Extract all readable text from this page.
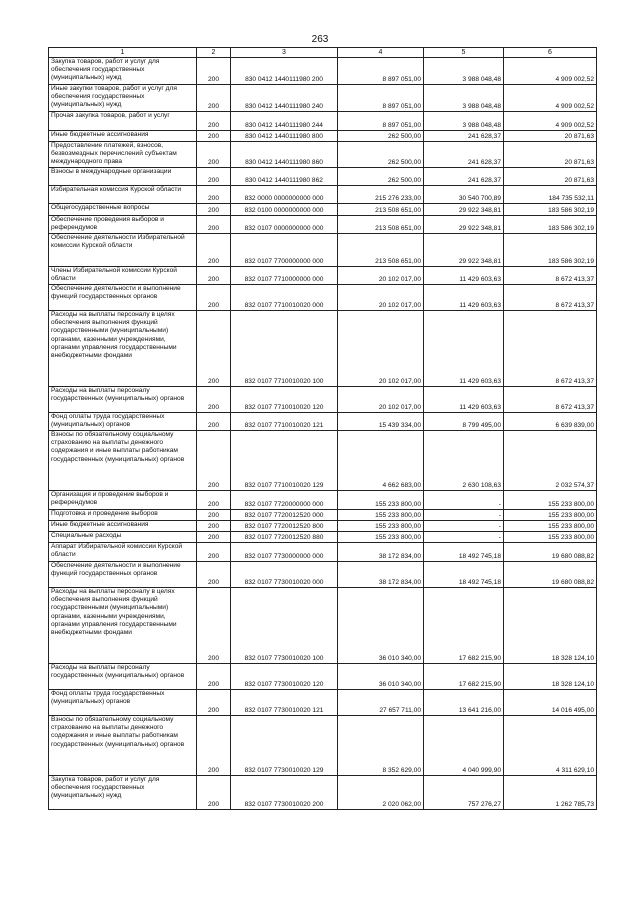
263
1	2	3	4	5	6
Закупка товаров, работ и услуг для обеспечения государственных (муниципальных) нужд	200	830 0412 1440111980 200	8 897 051,00	3 988 048,48	4 909 002,52
Иные закупки товаров, работ и услуг для обеспечения государственных (муниципальных) нужд	200	830 0412 1440111980 240	8 897 051,00	3 988 048,48	4 909 002,52
Прочая закупка товаров, работ и услуг	200	830 0412 1440111980 244	8 897 051,00	3 988 048,48	4 909 002,52
Иные бюджетные ассигнования	200	830 0412 1440111980 800	262 500,00	241 628,37	20 871,63
Предоставление платежей, взносов, безвозмездных перечислений субъектам международного права	200	830 0412 1440111980 860	262 500,00	241 628,37	20 871,63
Взносы в международные организации	200	830 0412 1440111980 862	262 500,00	241 628,37	20 871,63
Избирательная комиссия Курской области	200	832 0000 0000000000 000	215 276 233,00	30 540 700,89	184 735 532,11
Общегосударственные вопросы	200	832 0100 0000000000 000	213 508 651,00	29 922 348,81	183 586 302,19
Обеспечение проведения выборов и референдумов	200	832 0107 0000000000 000	213 508 651,00	29 922 348,81	183 586 302,19
Обеспечение деятельности Избирательной комиссии Курской области	200	832 0107 7700000000 000	213 508 651,00	29 922 348,81	183 586 302,19
Члены Избирательной комиссии Курской области	200	832 0107 7710000000 000	20 102 017,00	11 429 603,63	8 672 413,37
Обеспечение деятельности и выполнение функций государственных органов	200	832 0107 7710010020 000	20 102 017,00	11 429 603,63	8 672 413,37
Расходы на выплаты персоналу в целях обеспечения выполнения функций государственными (муниципальными) органами, казенными учреждениями, органами управления государственными внебюджетными фондами	200	832 0107 7710010020 100	20 102 017,00	11 429 603,63	8 672 413,37
Расходы на выплаты персоналу государственных (муниципальных) органов	200	832 0107 7710010020 120	20 102 017,00	11 429 603,63	8 672 413,37
Фонд оплаты труда государственных (муниципальных) органов	200	832 0107 7710010020 121	15 439 334,00	8 799 495,00	6 639 839,00
Взносы по обязательному социальному страхованию на выплаты денежного содержания и иные выплаты работникам государственных (муниципальных) органов	200	832 0107 7710010020 129	4 662 683,00	2 630 108,63	2 032 574,37
Организация и проведение выборов и референдумов	200	832 0107 7720000000 000	155 233 800,00	-	155 233 800,00
Подготовка и проведение выборов	200	832 0107 7720012520 000	155 233 800,00	-	155 233 800,00
Иные бюджетные ассигнования	200	832 0107 7720012520 800	155 233 800,00	-	155 233 800,00
Специальные расходы	200	832 0107 7720012520 880	155 233 800,00	-	155 233 800,00
Аппарат Избирательной комиссии Курской области	200	832 0107 7730000000 000	38 172 834,00	18 492 745,18	19 680 088,82
Обеспечение деятельности и выполнение функций государственных органов	200	832 0107 7730010020 000	38 172 834,00	18 492 745,18	19 680 088,82
Расходы на выплаты персоналу в целях обеспечения выполнения функций государственными (муниципальными) органами, казенными учреждениями, органами управления государственными внебюджетными фондами	200	832 0107 7730010020 100	36 010 340,00	17 682 215,90	18 328 124,10
Расходы на выплаты персоналу государственных (муниципальных) органов	200	832 0107 7730010020 120	36 010 340,00	17 682 215,90	18 328 124,10
Фонд оплаты труда государственных (муниципальных) органов	200	832 0107 7730010020 121	27 657 711,00	13 641 216,00	14 016 495,00
Взносы по обязательному социальному страхованию на выплаты денежного содержания и иные выплаты работникам государственных (муниципальных) органов	200	832 0107 7730010020 129	8 352 629,00	4 040 999,90	4 311 629,10
Закупка товаров, работ и услуг для обеспечения государственных (муниципальных) нужд	200	832 0107 7730010020 200	2 020 062,00	757 276,27	1 262 785,73
